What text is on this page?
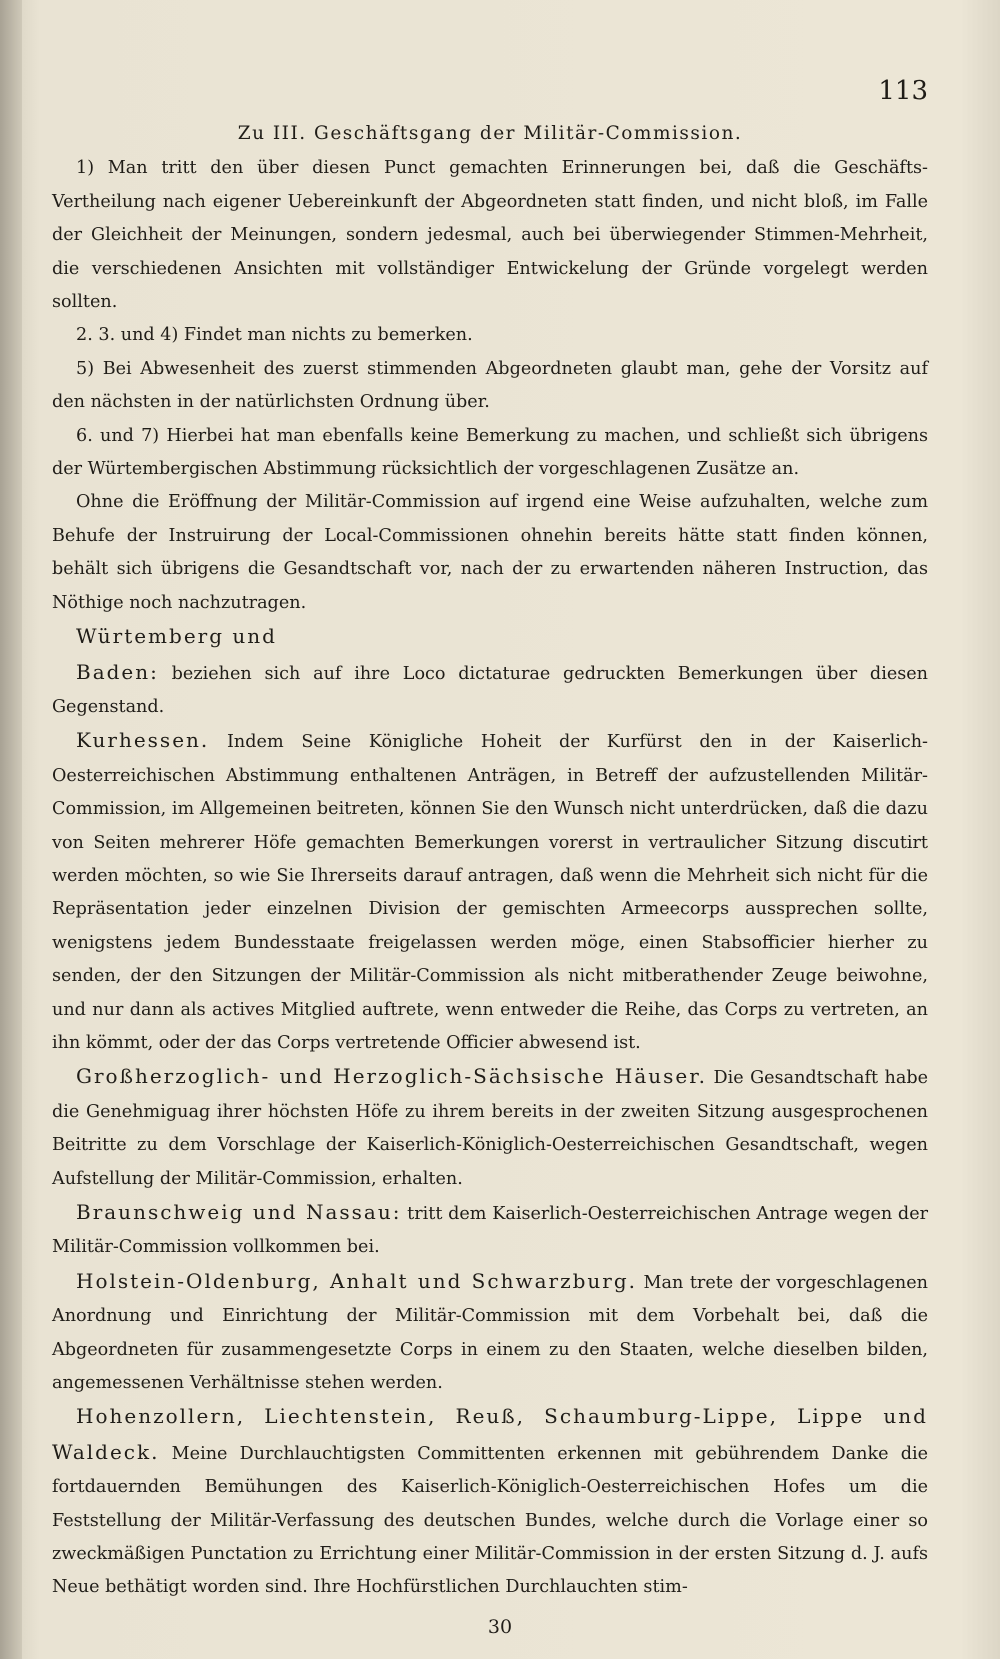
113

Zu III. Geschäftsgang der Militär-Commission.

1) Man tritt den über diesen Punct gemachten Erinnerungen bei, daß die Geschäfts-Vertheilung nach eigener Uebereinkunft der Abgeordneten statt finden, und nicht bloß, im Falle der Gleichheit der Meinungen, sondern jedesmal, auch bei überwiegender Stimmen-Mehrheit, die verschiedenen Ansichten mit vollständiger Entwickelung der Gründe vorgelegt werden sollten.

2. 3. und 4) Findet man nichts zu bemerken.

5) Bei Abwesenheit des zuerst stimmenden Abgeordneten glaubt man, gehe der Vorsitz auf den nächsten in der natürlichsten Ordnung über.

6. und 7) Hierbei hat man ebenfalls keine Bemerkung zu machen, und schließt sich übrigens der Würtembergischen Abstimmung rücksichtlich der vorgeschlagenen Zusätze an.

Ohne die Eröffnung der Militär-Commission auf irgend eine Weise aufzuhalten, welche zum Behufe der Instruirung der Local-Commissionen ohnehin bereits hätte statt finden können, behält sich übrigens die Gesandtschaft vor, nach der zu erwartenden näheren Instruction, das Nöthige noch nachzutragen.

Würtemberg und

Baden: beziehen sich auf ihre Loco dictaturae gedruckten Bemerkungen über diesen Gegenstand.

Kurhessen. Indem Seine Königliche Hoheit der Kurfürst den in der Kaiserlich-Oesterreichischen Abstimmung enthaltenen Anträgen, in Betreff der aufzustellenden Militär-Commission, im Allgemeinen beitreten, können Sie den Wunsch nicht unterdrücken, daß die dazu von Seiten mehrerer Höfe gemachten Bemerkungen vorerst in vertraulicher Sitzung discutirt werden möchten, so wie Sie Ihrerseits darauf antragen, daß wenn die Mehrheit sich nicht für die Repräsentation jeder einzelnen Division der gemischten Armeecorps aussprechen sollte, wenigstens jedem Bundesstaate freigelassen werden möge, einen Stabsofficier hierher zu senden, der den Sitzungen der Militär-Commission als nicht mitberathender Zeuge beiwohne, und nur dann als actives Mitglied auftrete, wenn entweder die Reihe, das Corps zu vertreten, an ihn kömmt, oder der das Corps vertretende Officier abwesend ist.

Großherzoglich- und Herzoglich-Sächsische Häuser. Die Gesandtschaft habe die Genehmiguag ihrer höchsten Höfe zu ihrem bereits in der zweiten Sitzung ausgesprochenen Beitritte zu dem Vorschlage der Kaiserlich-Königlich-Oesterreichischen Gesandtschaft, wegen Aufstellung der Militär-Commission, erhalten.

Braunschweig und Nassau: tritt dem Kaiserlich-Oesterreichischen Antrage wegen der Militär-Commission vollkommen bei.

Holstein-Oldenburg, Anhalt und Schwarzburg. Man trete der vorgeschlagenen Anordnung und Einrichtung der Militär-Commission mit dem Vorbehalt bei, daß die Abgeordneten für zusammengesetzte Corps in einem zu den Staaten, welche dieselben bilden, angemessenen Verhältnisse stehen werden.

Hohenzollern, Liechtenstein, Reuß, Schaumburg-Lippe, Lippe und Waldeck. Meine Durchlauchtigsten Committenten erkennen mit gebührendem Danke die fortdauernden Bemühungen des Kaiserlich-Königlich-Oesterreichischen Hofes um die Feststellung der Militär-Verfassung des deutschen Bundes, welche durch die Vorlage einer so zweckmäßigen Punctation zu Errichtung einer Militär-Commission in der ersten Sitzung d. J. aufs Neue bethätigt worden sind. Ihre Hochfürstlichen Durchlauchten stim-

30
